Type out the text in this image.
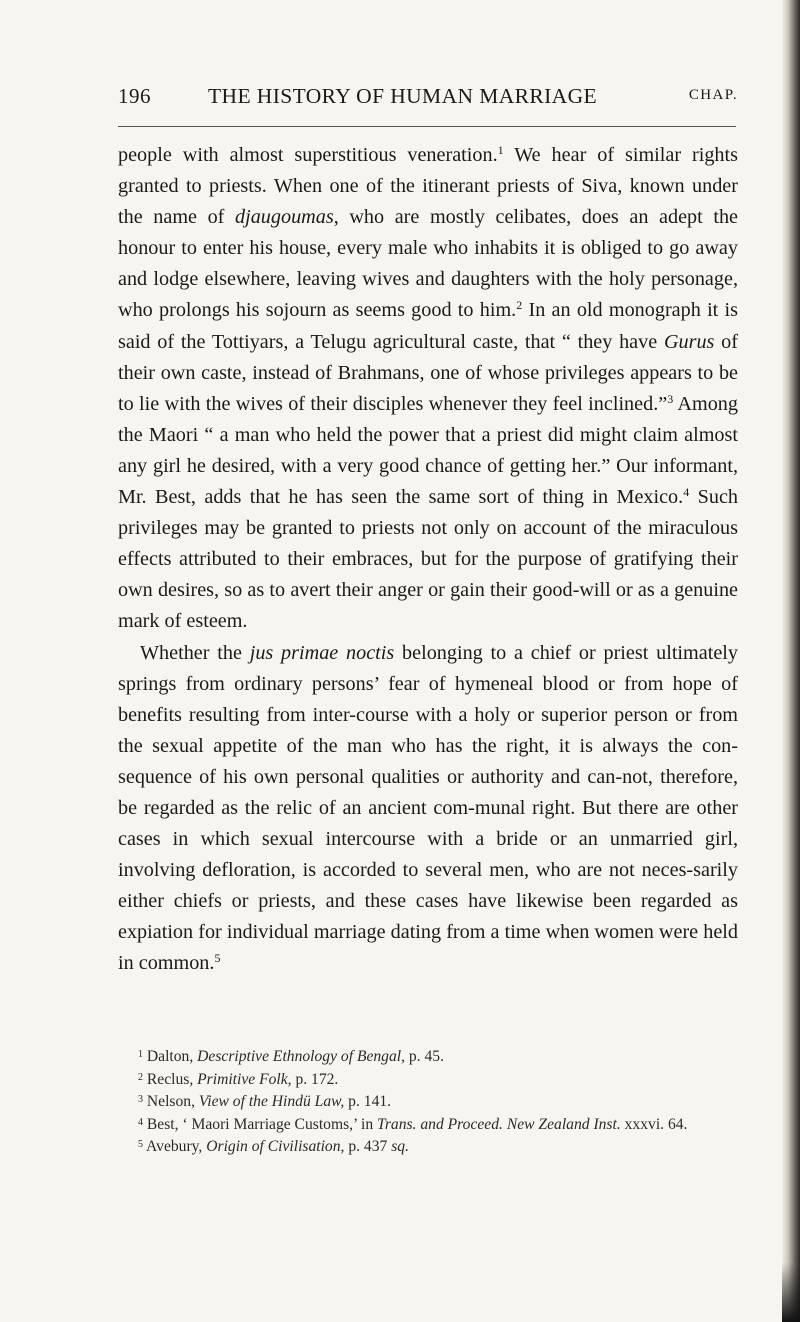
196	THE HISTORY OF HUMAN MARRIAGE	CHAP.

people with almost superstitious veneration.$^1$ We hear of similar rights granted to priests. When one of the itinerant priests of Siva, known under the name of djaugoumas, who are mostly celibates, does an adept the honour to enter his house, every male who inhabits it is obliged to go away and lodge elsewhere, leaving wives and daughters with the holy personage, who prolongs his sojourn as seems good to him.$^2$ In an old monograph it is said of the Tottiyars, a Telugu agricultural caste, that “ they have Gurus of their own caste, instead of Brahmans, one of whose privileges appears to be to lie with the wives of their disciples whenever they feel inclined.”$^3$ Among the Maori “ a man who held the power that a priest did might claim almost any girl he desired, with a very good chance of getting her.” Our informant, Mr. Best, adds that he has seen the same sort of thing in Mexico.$^4$ Such privileges may be granted to priests not only on account of the miraculous effects attributed to their embraces, but for the purpose of gratifying their own desires, so as to avert their anger or gain their good-will or as a genuine mark of esteem.

Whether the jus primae noctis belonging to a chief or priest ultimately springs from ordinary persons’ fear of hymeneal blood or from hope of benefits resulting from inter-course with a holy or superior person or from the sexual appetite of the man who has the right, it is always the con-sequence of his own personal qualities or authority and can-not, therefore, be regarded as the relic of an ancient com-munal right. But there are other cases in which sexual intercourse with a bride or an unmarried girl, involving defloration, is accorded to several men, who are not neces-sarily either chiefs or priests, and these cases have likewise been regarded as expiation for individual marriage dating from a time when women were held in common.$^5$

$^1$ Dalton, Descriptive Ethnology of Bengal, p. 45.

$^2$ Reclus, Primitive Folk, p. 172.

$^3$ Nelson, View of the Hindü Law, p. 141.

$^4$ Best, ‘ Maori Marriage Customs,’ in Trans. and Proceed. New Zealand Inst. xxxvi. 64.

$^5$ Avebury, Origin of Civilisation, p. 437 sq.
